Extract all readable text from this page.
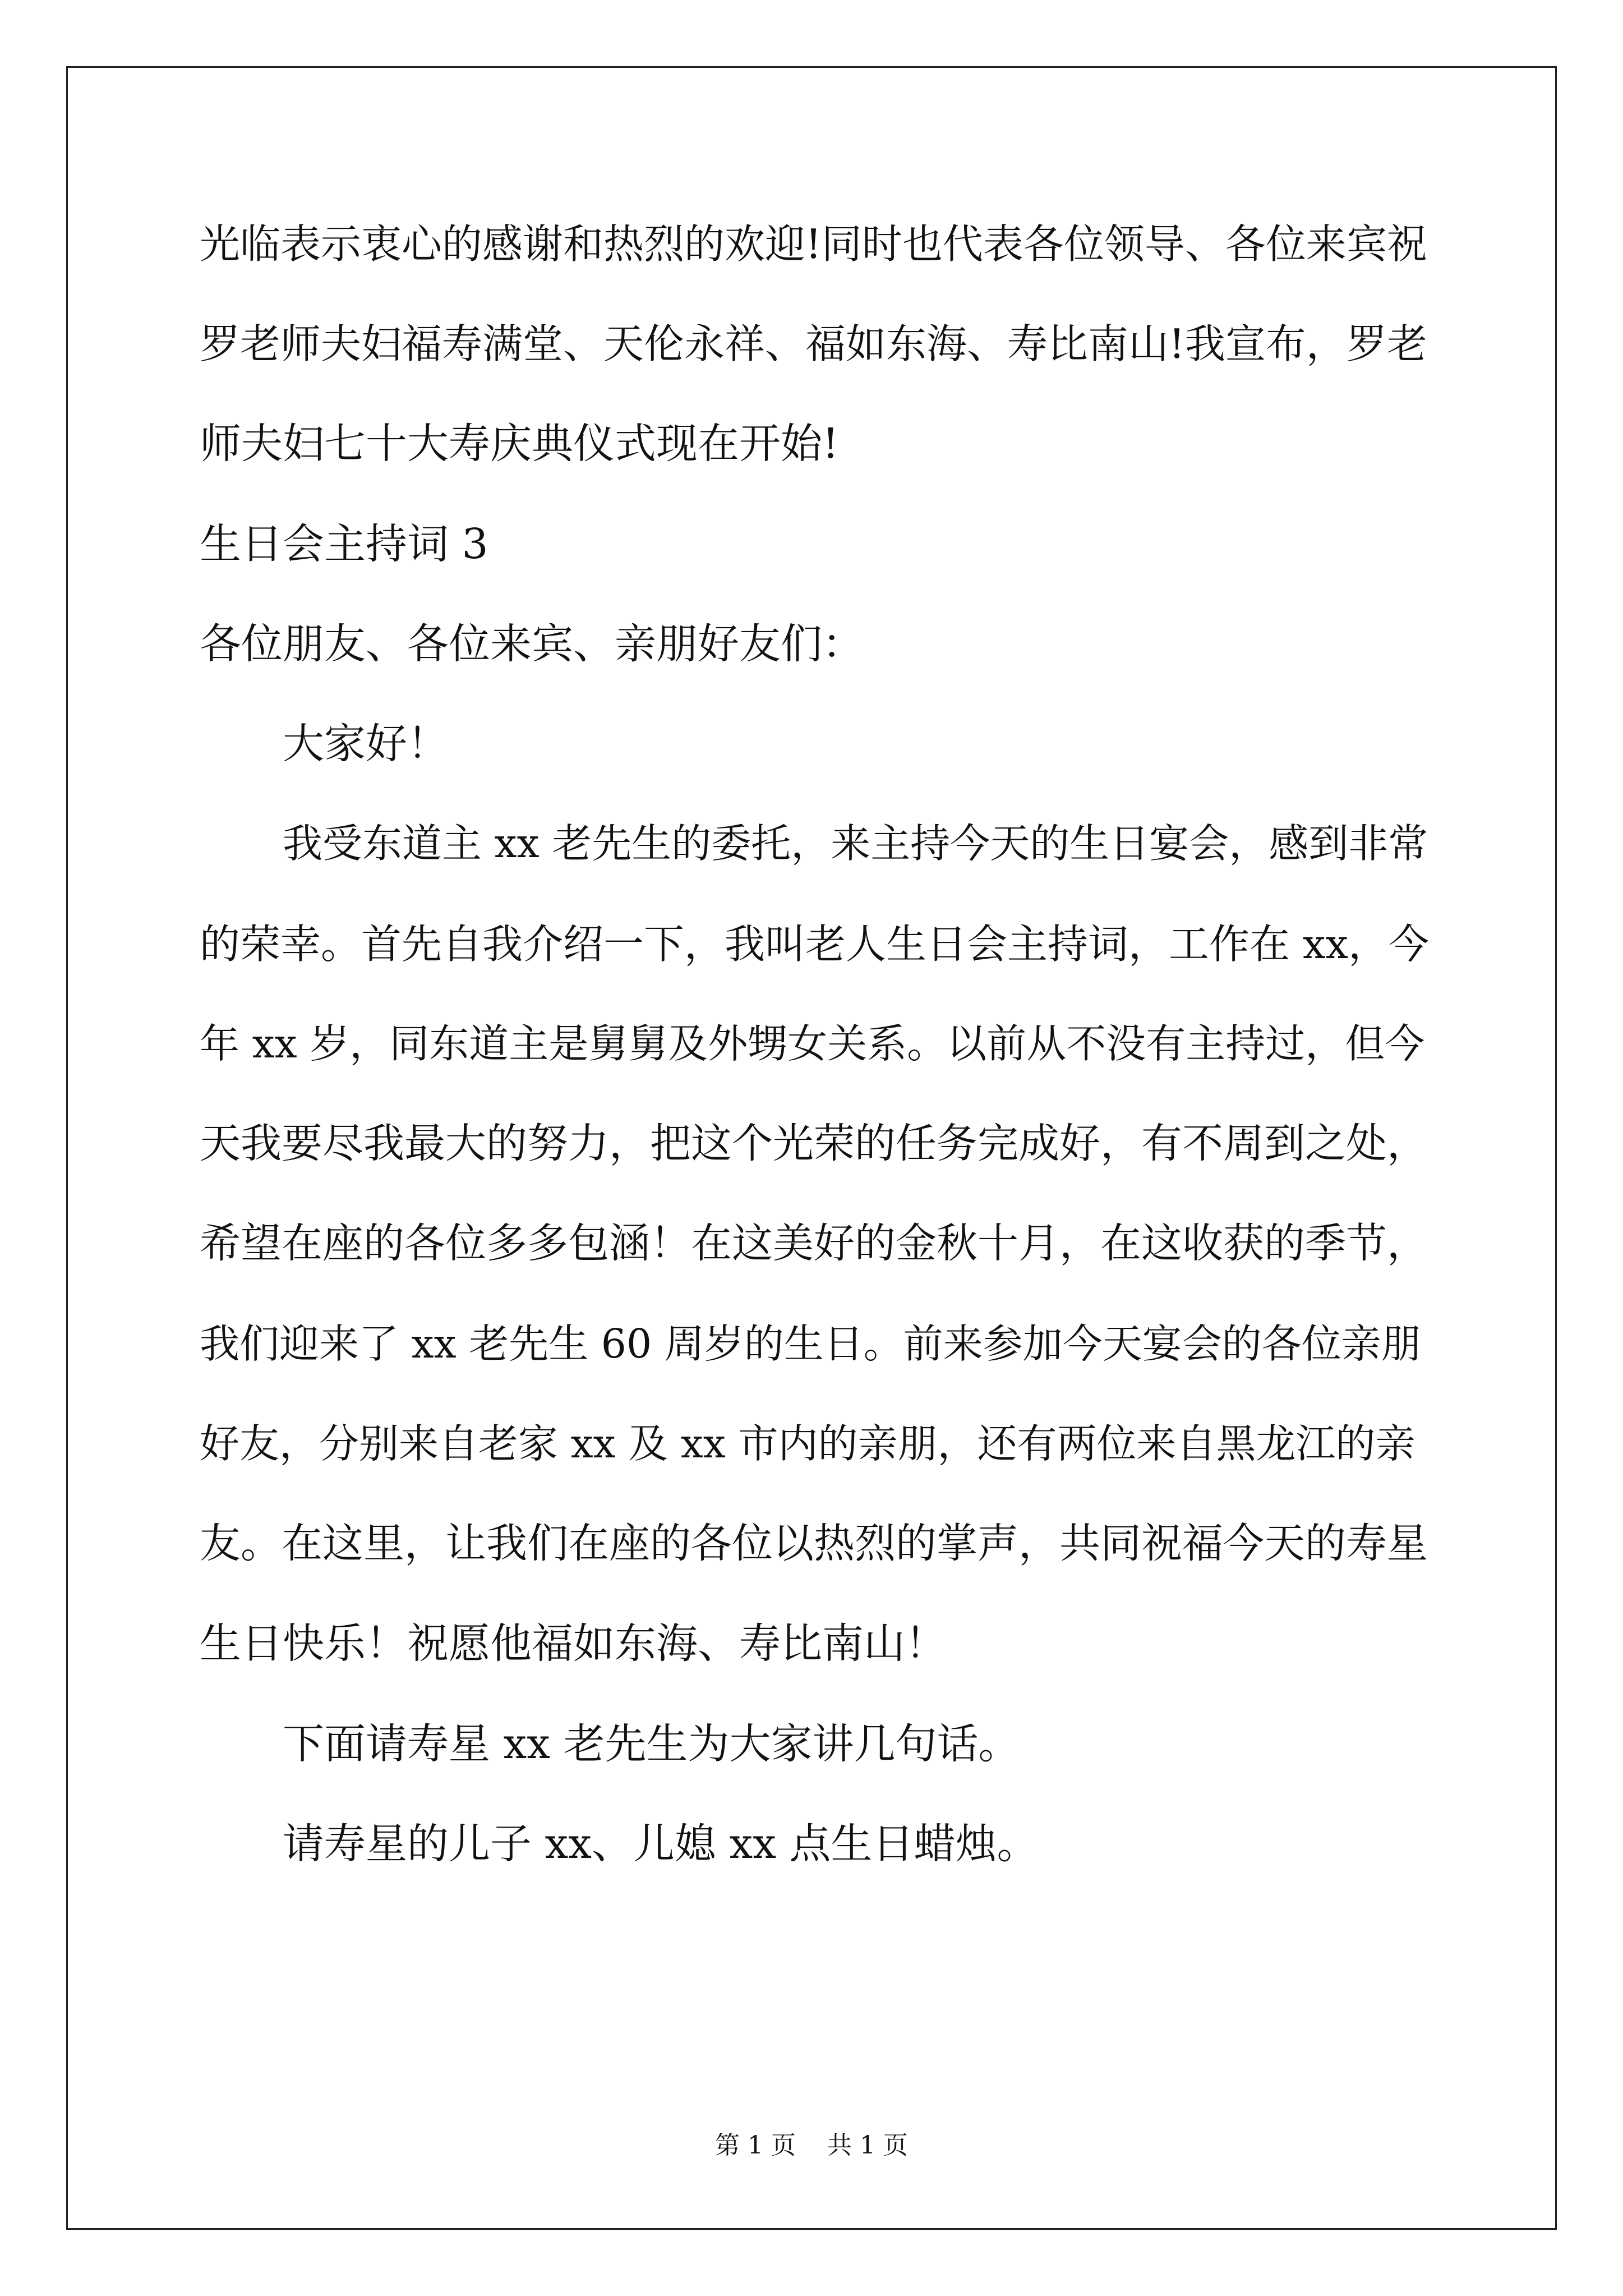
光临表示衷心的感谢和热烈的欢迎!同时也代表各位领导、各位来宾祝
罗老师夫妇福寿满堂、天伦永祥、福如东海、寿比南山!我宣布，罗老
师夫妇七十大寿庆典仪式现在开始!
生日会主持词 3
各位朋友、各位来宾、亲朋好友们：
大家好！
我受东道主 xx 老先生的委托，来主持今天的生日宴会，感到非常
的荣幸。首先自我介绍一下，我叫老人生日会主持词，工作在 xx，今
年 xx 岁，同东道主是舅舅及外甥女关系。以前从不没有主持过，但今
天我要尽我最大的努力，把这个光荣的任务完成好，有不周到之处，
希望在座的各位多多包涵！在这美好的金秋十月，在这收获的季节，
我们迎来了 xx 老先生 60 周岁的生日。前来参加今天宴会的各位亲朋
好友，分别来自老家 xx 及 xx 市内的亲朋，还有两位来自黑龙江的亲
友。在这里，让我们在座的各位以热烈的掌声，共同祝福今天的寿星
生日快乐！祝愿他福如东海、寿比南山！
下面请寿星 xx 老先生为大家讲几句话。
请寿星的儿子 xx、儿媳 xx 点生日蜡烛。
第 1 页    共 1 页
